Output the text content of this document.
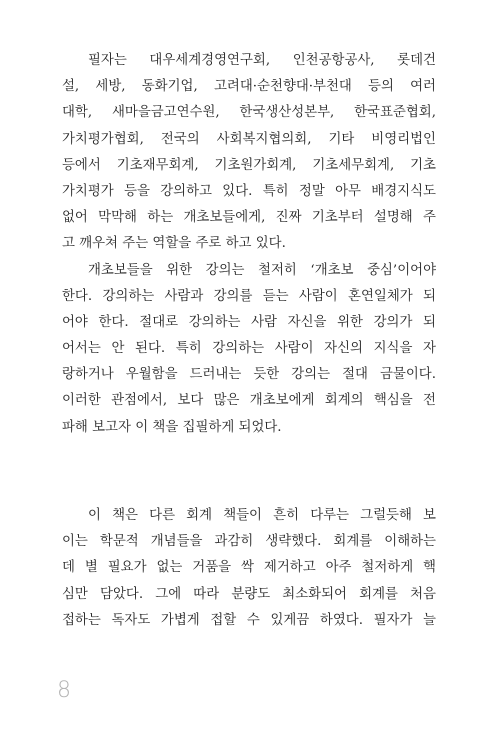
필자는 대우세계경영연구회, 인천공항공사, 롯데건
설, 세방, 동화기업, 고려대·순천향대·부천대 등의 여러
대학, 새마을금고연수원, 한국생산성본부, 한국표준협회,
가치평가협회, 전국의 사회복지협의회, 기타 비영리법인
등에서 기초재무회계, 기초원가회계, 기초세무회계, 기초
가치평가 등을 강의하고 있다. 특히 정말 아무 배경지식도
없어 막막해 하는 개초보들에게, 진짜 기초부터 설명해 주
고 깨우쳐 주는 역할을 주로 하고 있다.
개초보들을 위한 강의는 철저히 ‘개초보 중심’이어야
한다. 강의하는 사람과 강의를 듣는 사람이 혼연일체가 되
어야 한다. 절대로 강의하는 사람 자신을 위한 강의가 되
어서는 안 된다. 특히 강의하는 사람이 자신의 지식을 자
랑하거나 우월함을 드러내는 듯한 강의는 절대 금물이다.
이러한 관점에서, 보다 많은 개초보에게 회계의 핵심을 전
파해 보고자 이 책을 집필하게 되었다.
이 책은 다른 회계 책들이 흔히 다루는 그럴듯해 보
이는 학문적 개념들을 과감히 생략했다. 회계를 이해하는
데 별 필요가 없는 거품을 싹 제거하고 아주 철저하게 핵
심만 담았다. 그에 따라 분량도 최소화되어 회계를 처음
접하는 독자도 가볍게 접할 수 있게끔 하였다. 필자가 늘
8
